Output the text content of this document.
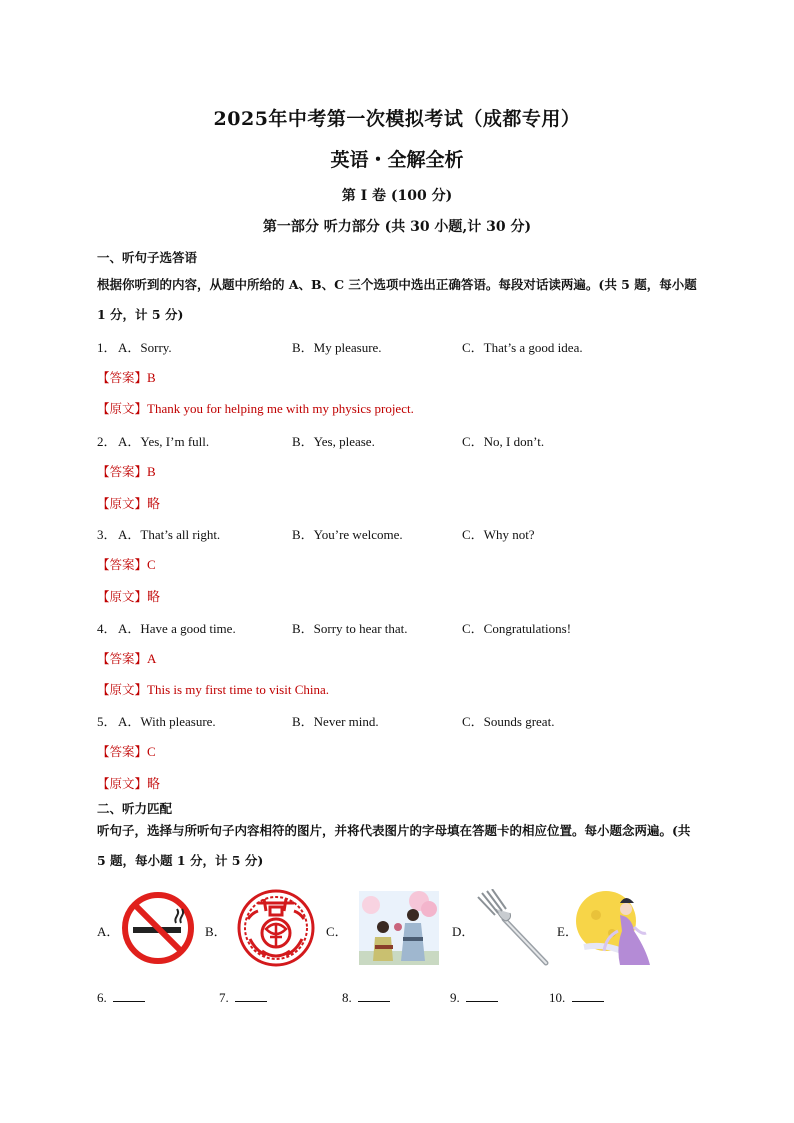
2025年中考第一次模拟考试（成都专用）
英语・全解全析
第 I 卷 (100 分)
第一部分 听力部分 (共 30 小题,计 30 分)
一、听句子选答语
根据你听到的内容，从题中所给的 A、B、C 三个选项中选出正确答语。每段对话读两遍。(共 5 题，每小题 1 分，计 5 分)
1． A．Sorry.	B．My pleasure.	C．That’s a good idea.
【答案】B
【原文】Thank you for helping me with my physics project.
2． A．Yes, I’m full.	B．Yes, please.	C．No, I don’t.
【答案】B
【原文】略
3． A．That’s all right.	B．You’re welcome.	C．Why not?
【答案】C
【原文】略
4． A．Have a good time.	B．Sorry to hear that.	C．Congratulations!
【答案】A
【原文】This is my first time to visit China.
5． A．With pleasure.	B．Never mind.	C．Sounds great.
【答案】C
【原文】略
二、听力匹配
听句子，选择与所听句子内容相符的图片，并将代表图片的字母填在答题卡的相应位置。每小题念两遍。(共 5 题，每小题 1 分，计 5 分)
A．	B．	C．	D．	E．
6.	7.	8.	9.	10.
